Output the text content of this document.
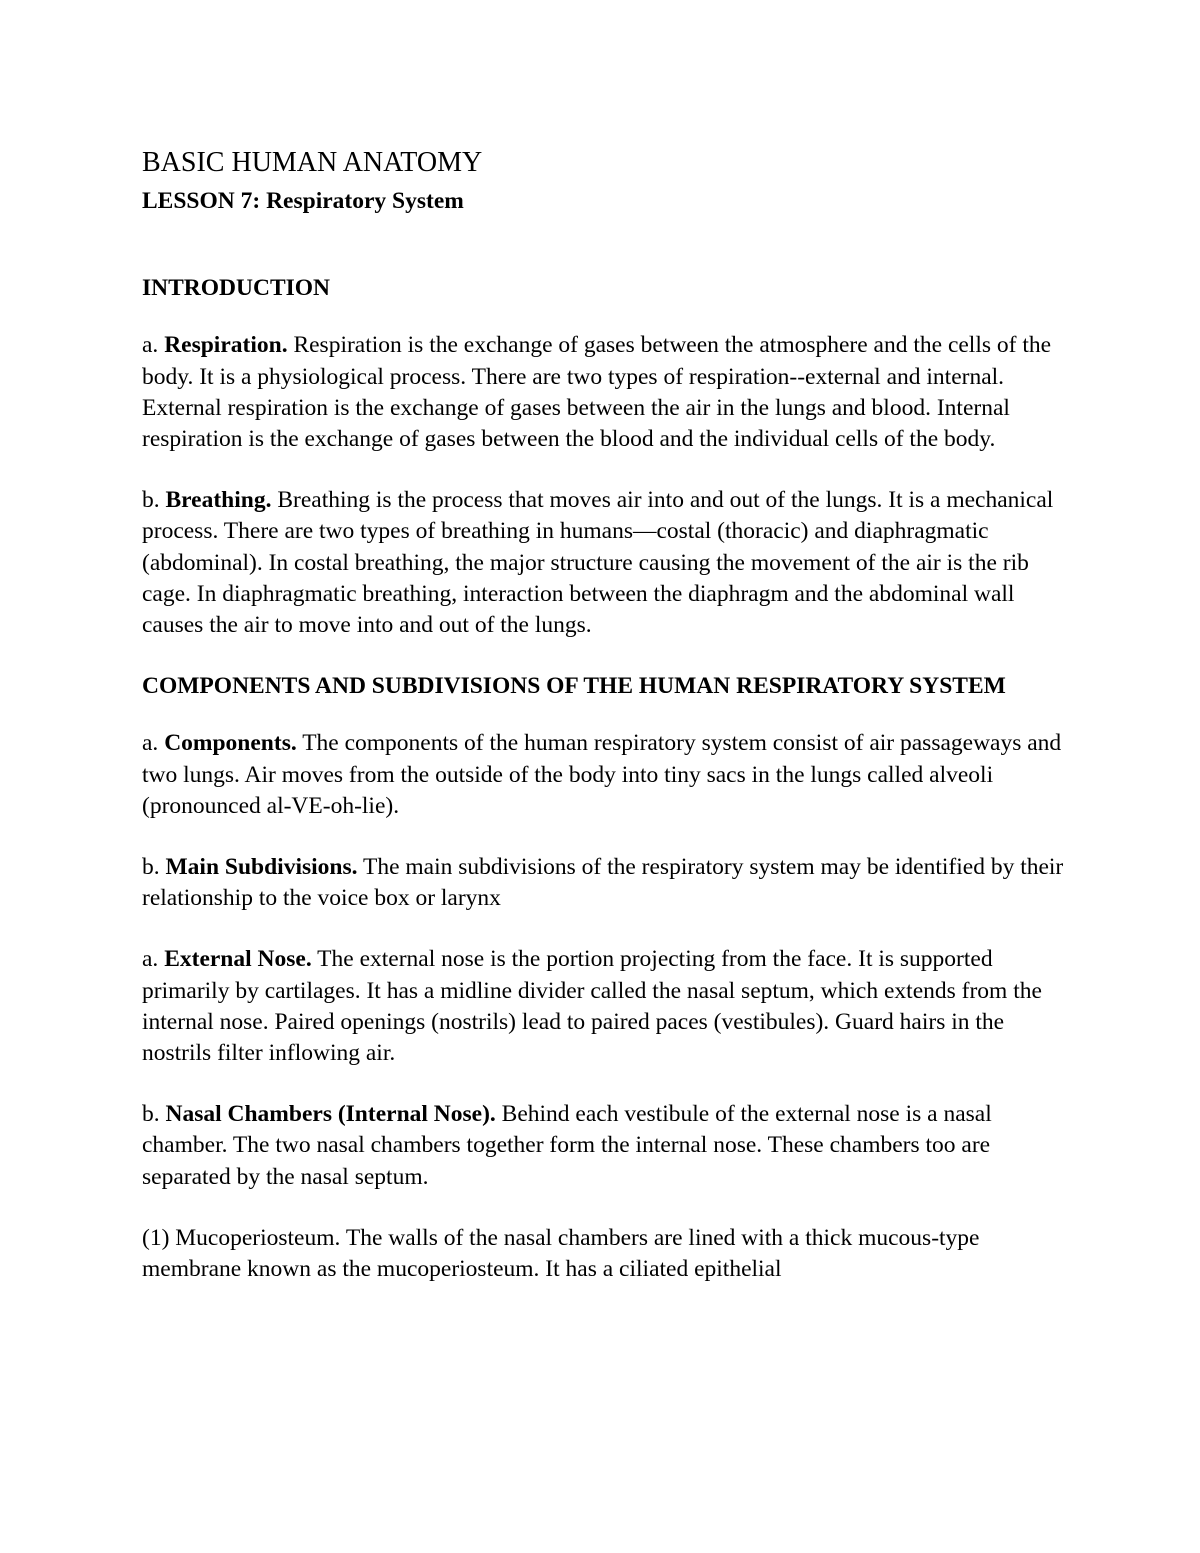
BASIC HUMAN ANATOMY
LESSON 7: Respiratory System
INTRODUCTION

a. Respiration. Respiration is the exchange of gases between the atmosphere and the cells of the body. It is a physiological process. There are two types of respiration--external and internal. External respiration is the exchange of gases between the air in the lungs and blood. Internal respiration is the exchange of gases between the blood and the individual cells of the body.

b. Breathing. Breathing is the process that moves air into and out of the lungs. It is a mechanical process. There are two types of breathing in humans—costal (thoracic) and diaphragmatic (abdominal). In costal breathing, the major structure causing the movement of the air is the rib cage. In diaphragmatic breathing, interaction between the diaphragm and the abdominal wall causes the air to move into and out of the lungs.

COMPONENTS AND SUBDIVISIONS OF THE HUMAN RESPIRATORY SYSTEM

a. Components. The components of the human respiratory system consist of air passageways and two lungs. Air moves from the outside of the body into tiny sacs in the lungs called alveoli (pronounced al-VE-oh-lie).

b. Main Subdivisions. The main subdivisions of the respiratory system may be identified by their relationship to the voice box or larynx

a. External Nose. The external nose is the portion projecting from the face. It is supported primarily by cartilages. It has a midline divider called the nasal septum, which extends from the internal nose. Paired openings (nostrils) lead to paired paces (vestibules). Guard hairs in the nostrils filter inflowing air.

b. Nasal Chambers (Internal Nose). Behind each vestibule of the external nose is a nasal chamber. The two nasal chambers together form the internal nose. These chambers too are separated by the nasal septum.

(1) Mucoperiosteum. The walls of the nasal chambers are lined with a thick mucous-type membrane known as the mucoperiosteum. It has a ciliated epithelial
